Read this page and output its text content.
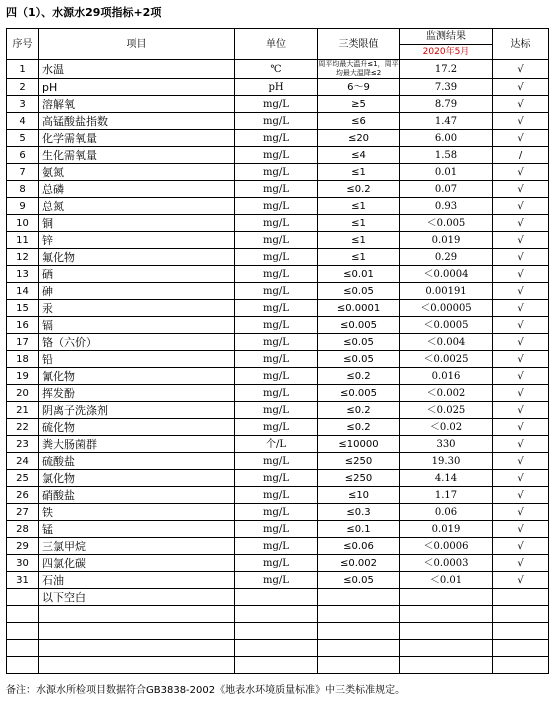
四（1）、水源水29项指标+2项
序号	项目	单位	三类限值	监测结果
2020年5月	达标
1	水温	℃	周平均最大温升≤1，周平均最大温降≤2	17.2	√
2	pH	pH	6～9	7.39	√
3	溶解氧	mg/L	≥5	8.79	√
4	高锰酸盐指数	mg/L	≤6	1.47	√
5	化学需氧量	mg/L	≤20	6.00	√
6	生化需氧量	mg/L	≤4	1.58	/
7	氨氮	mg/L	≤1	0.01	√
8	总磷	mg/L	≤0.2	0.07	√
9	总氮	mg/L	≤1	0.93	√
10	铜	mg/L	≤1	＜0.005	√
11	锌	mg/L	≤1	0.019	√
12	氟化物	mg/L	≤1	0.29	√
13	硒	mg/L	≤0.01	＜0.0004	√
14	砷	mg/L	≤0.05	0.00191	√
15	汞	mg/L	≤0.0001	＜0.00005	√
16	镉	mg/L	≤0.005	＜0.0005	√
17	铬（六价）	mg/L	≤0.05	＜0.004	√
18	铅	mg/L	≤0.05	＜0.0025	√
19	氰化物	mg/L	≤0.2	0.016	√
20	挥发酚	mg/L	≤0.005	＜0.002	√
21	阴离子洗涤剂	mg/L	≤0.2	＜0.025	√
22	硫化物	mg/L	≤0.2	＜0.02	√
23	粪大肠菌群	个/L	≤10000	330	√
24	硫酸盐	mg/L	≤250	19.30	√
25	氯化物	mg/L	≤250	4.14	√
26	硝酸盐	mg/L	≤10	1.17	√
27	铁	mg/L	≤0.3	0.06	√
28	锰	mg/L	≤0.1	0.019	√
29	三氯甲烷	mg/L	≤0.06	＜0.0006	√
30	四氯化碳	mg/L	≤0.002	＜0.0003	√
31	石油	mg/L	≤0.05	＜0.01	√
	以下空白				

备注：水源水所检项目数据符合GB3838-2002《地表水环境质量标准》中三类标准规定。
